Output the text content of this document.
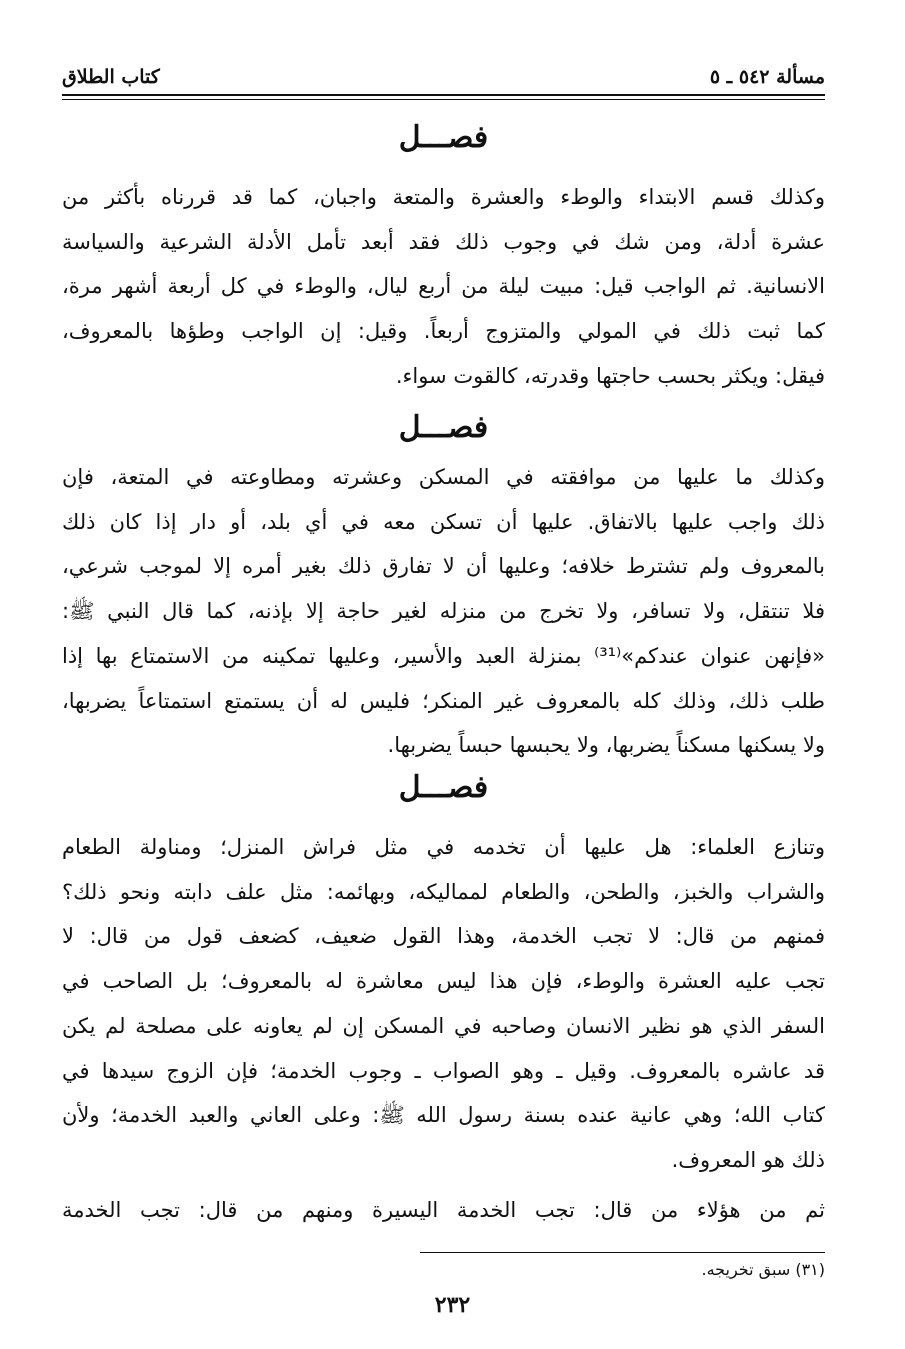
مسألة ٥٤٢ ـ ٥
كتاب الطلاق
فصـــل
وكذلك قسم الابتداء والوطء والعشرة والمتعة واجبان، كما قد قررناه بأكثر من
عشرة أدلة، ومن شك في وجوب ذلك فقد أبعد تأمل الأدلة الشرعية والسياسة
الانسانية. ثم الواجب قيل: مبيت ليلة من أربع ليال، والوطء في كل أربعة أشهر مرة،
كما ثبت ذلك في المولي والمتزوج أربعاً. وقيل: إن الواجب وطؤها بالمعروف،
فيقل: ويكثر بحسب حاجتها وقدرته، كالقوت سواء.
فصـــل
وكذلك ما عليها من موافقته في المسكن وعشرته ومطاوعته في المتعة، فإن
ذلك واجب عليها بالاتفاق. عليها أن تسكن معه في أي بلد، أو دار إذا كان ذلك
بالمعروف ولم تشترط خلافه؛ وعليها أن لا تفارق ذلك بغير أمره إلا لموجب شرعي،
فلا تنتقل، ولا تسافر، ولا تخرج من منزله لغير حاجة إلا بإذنه، كما قال النبي ﷺ:
«فإنهن عنوان عندكم»⁽³¹⁾ بمنزلة العبد والأسير، وعليها تمكينه من الاستمتاع بها إذا
طلب ذلك، وذلك كله بالمعروف غير المنكر؛ فليس له أن يستمتع استمتاعاً يضربها،
ولا يسكنها مسكناً يضربها، ولا يحبسها حبساً يضربها.
فصـــل
وتنازع العلماء: هل عليها أن تخدمه في مثل فراش المنزل؛ ومناولة الطعام
والشراب والخبز، والطحن، والطعام لمماليكه، وبهائمه: مثل علف دابته ونحو ذلك؟
فمنهم من قال: لا تجب الخدمة، وهذا القول ضعيف، كضعف قول من قال: لا
تجب عليه العشرة والوطء، فإن هذا ليس معاشرة له بالمعروف؛ بل الصاحب في
السفر الذي هو نظير الانسان وصاحبه في المسكن إن لم يعاونه على مصلحة لم يكن
قد عاشره بالمعروف. وقيل ـ وهو الصواب ـ وجوب الخدمة؛ فإن الزوج سيدها في
كتاب الله؛ وهي عانية عنده بسنة رسول الله ﷺ: وعلى العاني والعبد الخدمة؛ ولأن
ذلك هو المعروف.
ثم من هؤلاء من قال: تجب الخدمة اليسيرة ومنهم من قال: تجب الخدمة
(٣١) سبق تخريجه.
٢٣٢
